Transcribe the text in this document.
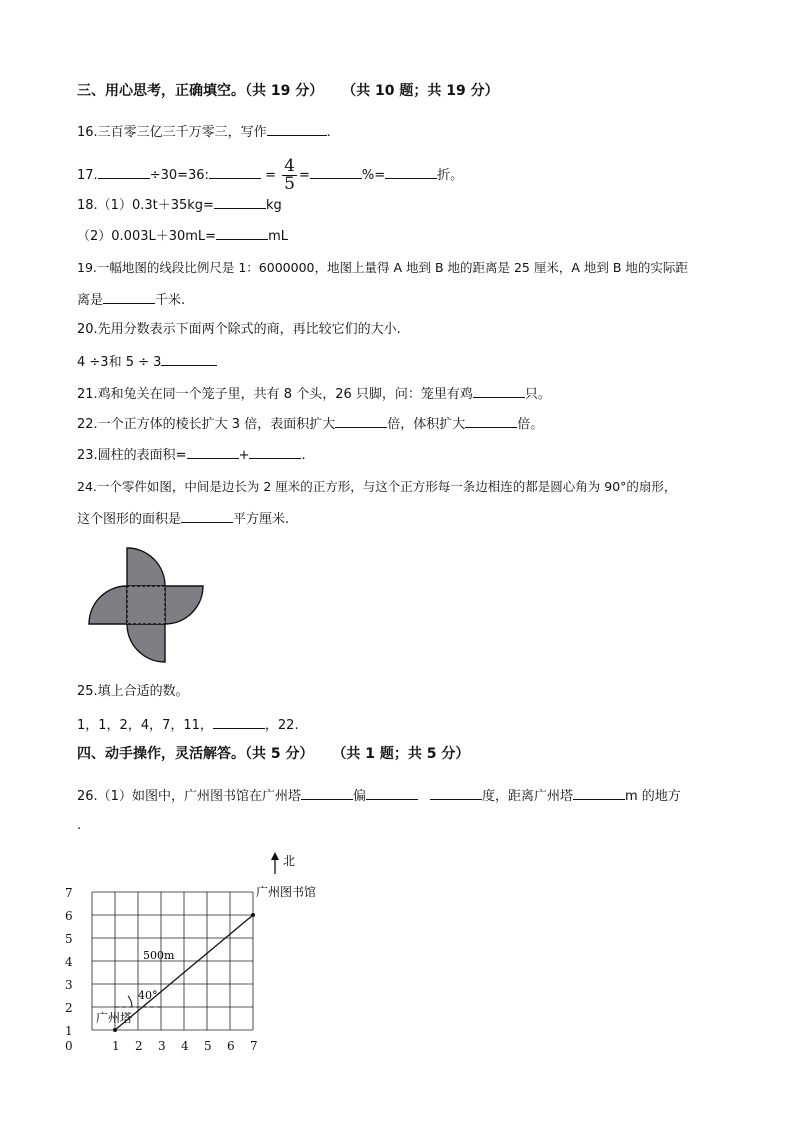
三、用心思考，正确填空。（共 19 分） （共 10 题；共 19 分）
16.三百零三亿三千万零三，写作	.
17.	÷30=36:	= $\frac{4}{5}$ =	%=	折。
18.（1）0.3t＋35kg=	kg
（2）0.003L＋30mL=	mL
19.一幅地图的线段比例尺是 1：6000000，地图上量得 A 地到 B 地的距离是 25 厘米，A 地到 B 地的实际距
离是	千米.
20.先用分数表示下面两个除式的商，再比较它们的大小.
4 ÷3和 5 ÷ 3
21.鸡和兔关在同一个笼子里，共有 8 个头，26 只脚，问：笼里有鸡	只。
22.一个正方体的棱长扩大 3 倍，表面积扩大	倍，体积扩大	倍。
23.圆柱的表面积=	+	.
24.一个零件如图，中间是边长为 2 厘米的正方形，与这个正方形每一条边相连的都是圆心角为 90°的扇形，
这个图形的面积是	平方厘米.
25.填上合适的数。
1，1，2，4，7，11，	，22.
四、动手操作，灵活解答。（共 5 分） （共 1 题；共 5 分）
26.（1）如图中，广州图书馆在广州塔	偏	度，距离广州塔	m 的地方
.
0	1 2 3 4 5 6 7
1
2
3
4
5
6
7
北
40°
500m
广州塔
广州图书馆
